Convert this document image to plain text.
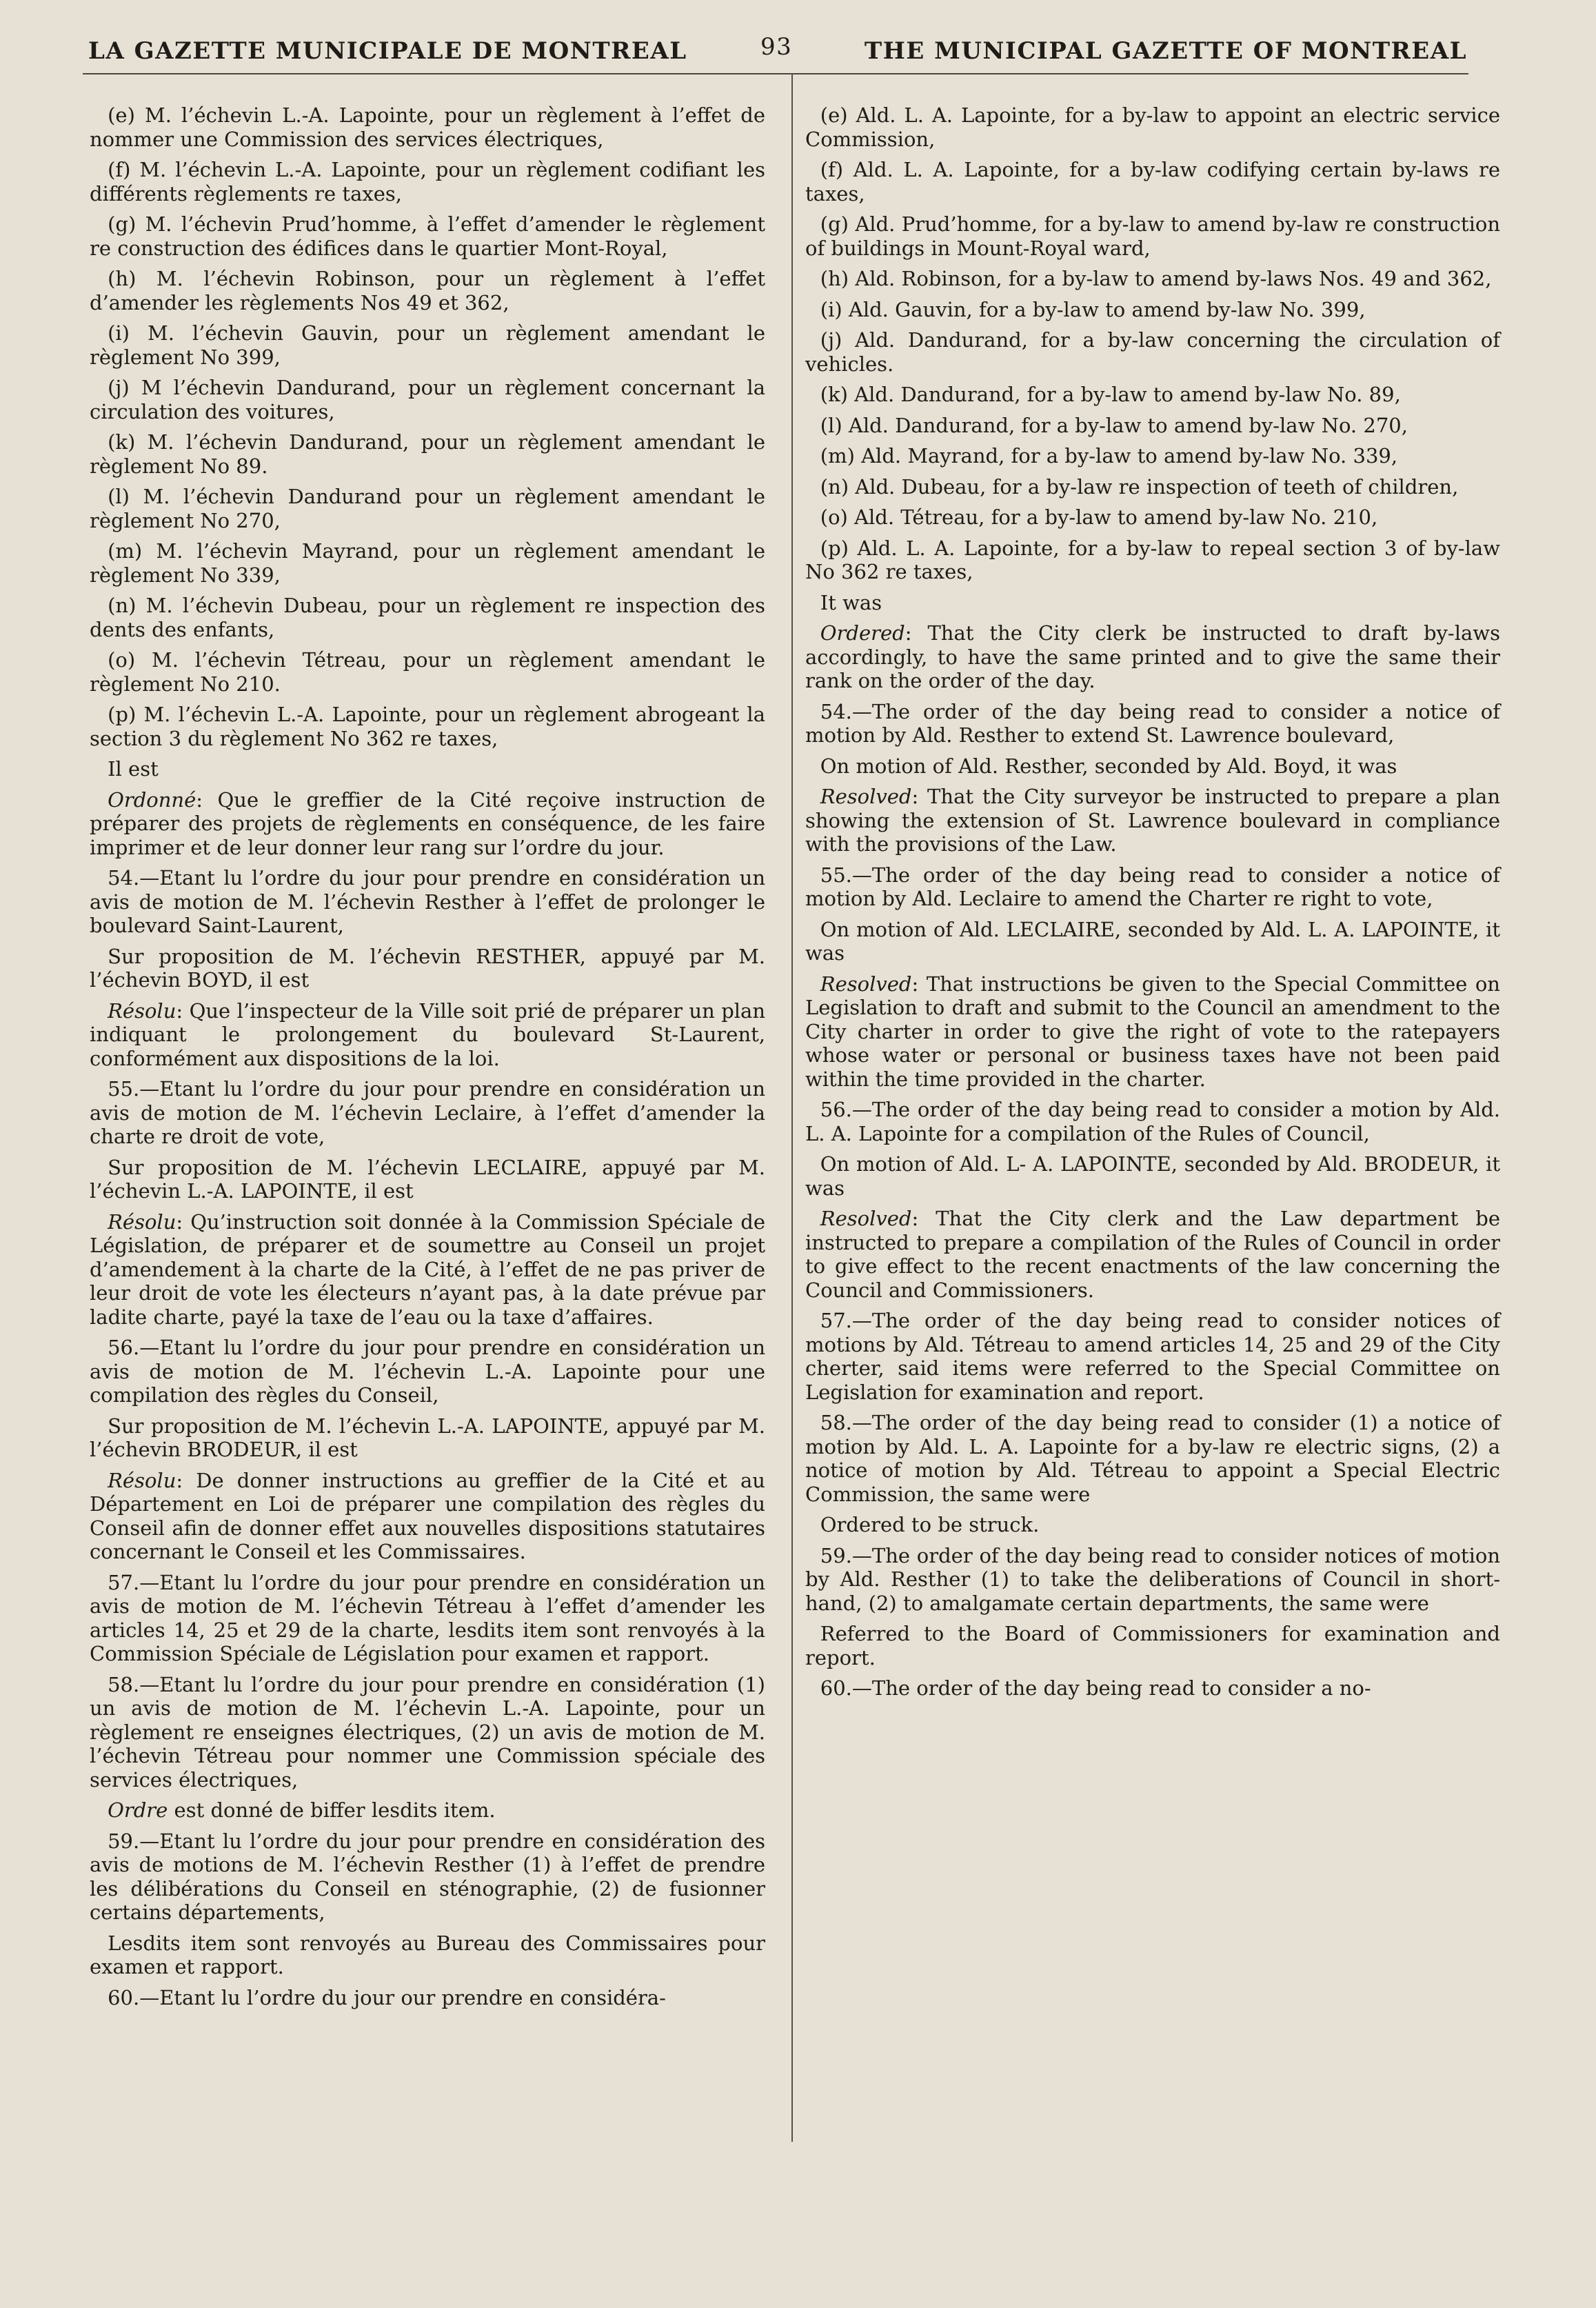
LA GAZETTE MUNICIPALE DE MONTREAL	93	THE MUNICIPAL GAZETTE OF MONTREAL

(e) M. l’échevin L.-A. Lapointe, pour un règlement à l’effet de nommer une Commission des services électriques,

(f) M. l’échevin L.-A. Lapointe, pour un règlement codifiant les différents règlements re taxes,

(g) M. l’échevin Prud’homme, à l’effet d’amender le règlement re construction des édifices dans le quartier Mont-Royal,

(h) M. l’échevin Robinson, pour un règlement à l’effet d’amender les règlements Nos 49 et 362,

(i) M. l’échevin Gauvin, pour un règlement amendant le règlement No 399,

(j) M l’échevin Dandurand, pour un règlement concernant la circulation des voitures,

(k) M. l’échevin Dandurand, pour un règlement amendant le règlement No 89.

(l) M. l’échevin Dandurand pour un règlement amendant le règlement No 270,

(m) M. l’échevin Mayrand, pour un règlement amendant le règlement No 339,

(n) M. l’échevin Dubeau, pour un règlement re inspection des dents des enfants,

(o) M. l’échevin Tétreau, pour un règlement amendant le règlement No 210.

(p) M. l’échevin L.-A. Lapointe, pour un règlement abrogeant la section 3 du règlement No 362 re taxes,

Il est

Ordonné: Que le greffier de la Cité reçoive instruction de préparer des projets de règlements en conséquence, de les faire imprimer et de leur donner leur rang sur l’ordre du jour.

54.—Etant lu l’ordre du jour pour prendre en considération un avis de motion de M. l’échevin Resther à l’effet de prolonger le boulevard Saint-Laurent,

Sur proposition de M. l’échevin RESTHER, appuyé par M. l’échevin BOYD, il est

Résolu: Que l’inspecteur de la Ville soit prié de préparer un plan indiquant le prolongement du boulevard St-Laurent, conformément aux dispositions de la loi.

55.—Etant lu l’ordre du jour pour prendre en considération un avis de motion de M. l’échevin Leclaire, à l’effet d’amender la charte re droit de vote,

Sur proposition de M. l’échevin LECLAIRE, appuyé par M. l’échevin L.-A. LAPOINTE, il est

Résolu: Qu’instruction soit donnée à la Commission Spéciale de Législation, de préparer et de soumettre au Conseil un projet d’amendement à la charte de la Cité, à l’effet de ne pas priver de leur droit de vote les électeurs n’ayant pas, à la date prévue par ladite charte, payé la taxe de l’eau ou la taxe d’affaires.

56.—Etant lu l’ordre du jour pour prendre en considération un avis de motion de M. l’échevin L.-A. Lapointe pour une compilation des règles du Conseil,

Sur proposition de M. l’échevin L.-A. LAPOINTE, appuyé par M. l’échevin BRODEUR, il est

Résolu: De donner instructions au greffier de la Cité et au Département en Loi de préparer une compilation des règles du Conseil afin de donner effet aux nouvelles dispositions statutaires concernant le Conseil et les Commissaires.

57.—Etant lu l’ordre du jour pour prendre en considération un avis de motion de M. l’échevin Tétreau à l’effet d’amender les articles 14, 25 et 29 de la charte, lesdits item sont renvoyés à la Commission Spéciale de Législation pour examen et rapport.

58.—Etant lu l’ordre du jour pour prendre en considération (1) un avis de motion de M. l’échevin L.-A. Lapointe, pour un règlement re enseignes électriques, (2) un avis de motion de M. l’échevin Tétreau pour nommer une Commission spéciale des services électriques,

Ordre est donné de biffer lesdits item.

59.—Etant lu l’ordre du jour pour prendre en considération des avis de motions de M. l’échevin Resther (1) à l’effet de prendre les délibérations du Conseil en sténographie, (2) de fusionner certains départements,

Lesdits item sont renvoyés au Bureau des Commissaires pour examen et rapport.

60.—Etant lu l’ordre du jour our prendre en considéra-

(e) Ald. L. A. Lapointe, for a by-law to appoint an electric service Commission,

(f) Ald. L. A. Lapointe, for a by-law codifying certain by-laws re taxes,

(g) Ald. Prud’homme, for a by-law to amend by-law re construction of buildings in Mount-Royal ward,

(h) Ald. Robinson, for a by-law to amend by-laws Nos. 49 and 362,

(i) Ald. Gauvin, for a by-law to amend by-law No. 399,

(j) Ald. Dandurand, for a by-law concerning the circulation of vehicles.

(k) Ald. Dandurand, for a by-law to amend by-law No. 89,

(l) Ald. Dandurand, for a by-law to amend by-law No. 270,

(m) Ald. Mayrand, for a by-law to amend by-law No. 339,

(n) Ald. Dubeau, for a by-law re inspection of teeth of children,

(o) Ald. Tétreau, for a by-law to amend by-law No. 210,

(p) Ald. L. A. Lapointe, for a by-law to repeal section 3 of by-law No 362 re taxes,

It was

Ordered: That the City clerk be instructed to draft by-laws accordingly, to have the same printed and to give the same their rank on the order of the day.

54.—The order of the day being read to consider a notice of motion by Ald. Resther to extend St. Lawrence boulevard,

On motion of Ald. Resther, seconded by Ald. Boyd, it was

Resolved: That the City surveyor be instructed to prepare a plan showing the extension of St. Lawrence boulevard in compliance with the provisions of the Law.

55.—The order of the day being read to consider a notice of motion by Ald. Leclaire to amend the Charter re right to vote,

On motion of Ald. LECLAIRE, seconded by Ald. L. A. LAPOINTE, it was

Resolved: That instructions be given to the Special Committee on Legislation to draft and submit to the Council an amendment to the City charter in order to give the right of vote to the ratepayers whose water or personal or business taxes have not been paid within the time provided in the charter.

56.—The order of the day being read to consider a motion by Ald. L. A. Lapointe for a compilation of the Rules of Council,

On motion of Ald. L- A. LAPOINTE, seconded by Ald. BRODEUR, it was

Resolved: That the City clerk and the Law department be instructed to prepare a compilation of the Rules of Council in order to give effect to the recent enactments of the law concerning the Council and Commissioners.

57.—The order of the day being read to consider notices of motions by Ald. Tétreau to amend articles 14, 25 and 29 of the City cherter, said items were referred to the Special Committee on Legislation for examination and report.

58.—The order of the day being read to consider (1) a notice of motion by Ald. L. A. Lapointe for a by-law re electric signs, (2) a notice of motion by Ald. Tétreau to appoint a Special Electric Commission, the same were

Ordered to be struck.

59.—The order of the day being read to consider notices of motion by Ald. Resther (1) to take the deliberations of Council in short-hand, (2) to amalgamate certain departments, the same were

Referred to the Board of Commissioners for examination and report.

60.—The order of the day being read to consider a no-
